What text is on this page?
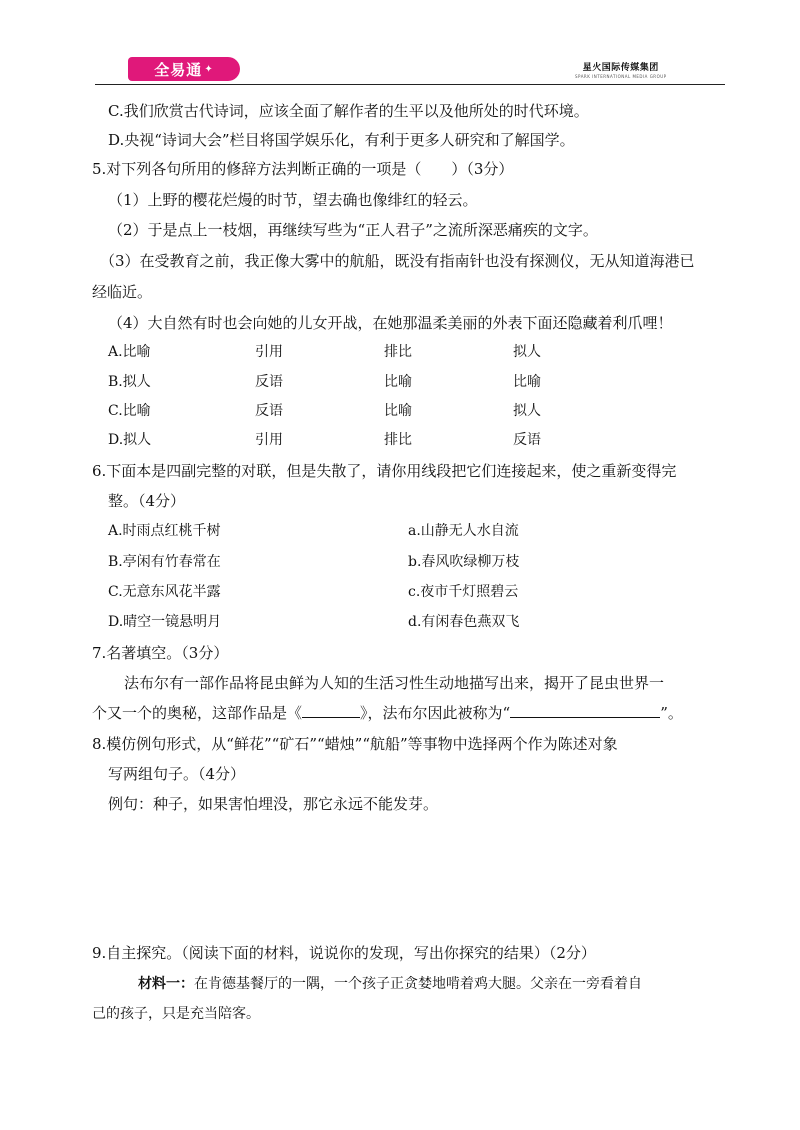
全易通 ✦	星火国际传媒集团
SPARK INTERNATIONAL MEDIA GROUP
C.我们欣赏古代诗词，应该全面了解作者的生平以及他所处的时代环境。
D.央视“诗词大会”栏目将国学娱乐化，有利于更多人研究和了解国学。
5.对下列各句所用的修辞方法判断正确的一项是（　　）（3分）
（1）上野的樱花烂熳的时节，望去确也像绯红的轻云。
（2）于是点上一枝烟，再继续写些为“正人君子”之流所深恶痛疾的文字。
（3）在受教育之前，我正像大雾中的航船，既没有指南针也没有探测仪，无从知道海港已
经临近。
（4）大自然有时也会向她的儿女开战，在她那温柔美丽的外表下面还隐藏着利爪哩！
A.比喻	引用	排比	拟人
B.拟人	反语	比喻	比喻
C.比喻	反语	比喻	拟人
D.拟人	引用	排比	反语
6.下面本是四副完整的对联，但是失散了，请你用线段把它们连接起来，使之重新变得完
整。（4分）
A.时雨点红桃千树	a.山静无人水自流
B.亭闲有竹春常在	b.春风吹绿柳万枝
C.无意东风花半露	c.夜市千灯照碧云
D.晴空一镜悬明月	d.有闲春色燕双飞
7.名著填空。（3分）
法布尔有一部作品将昆虫鲜为人知的生活习性生动地描写出来，揭开了昆虫世界一
个又一个的奥秘，这部作品是《	》，法布尔因此被称为“	”。
8.模仿例句形式，从“鲜花”“矿石”“蜡烛”“航船”等事物中选择两个作为陈述对象
写两组句子。（4分）
例句：种子，如果害怕埋没，那它永远不能发芽。
9.自主探究。（阅读下面的材料，说说你的发现，写出你探究的结果）（2分）
材料一：在肯德基餐厅的一隅，一个孩子正贪婪地啃着鸡大腿。父亲在一旁看着自
己的孩子，只是充当陪客。
